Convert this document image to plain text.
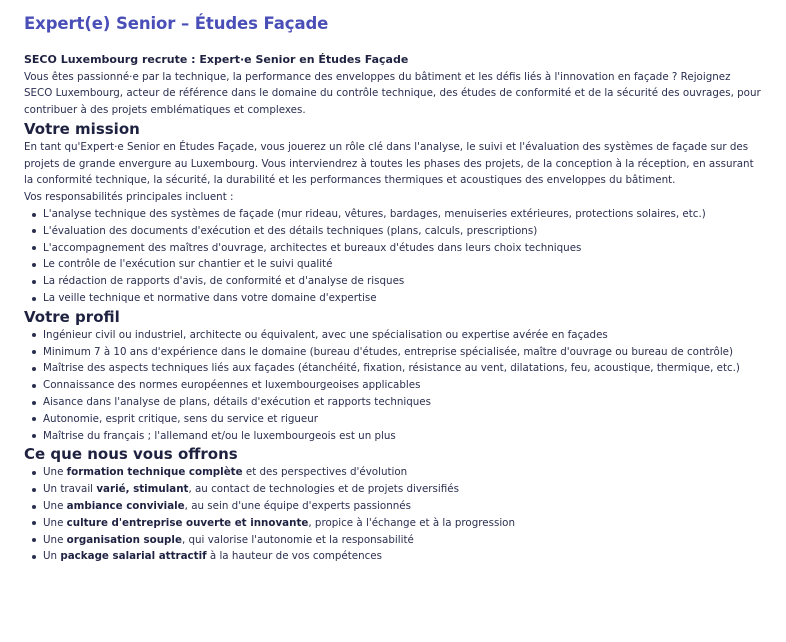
Expert(e) Senior – Études Façade
SECO Luxembourg recrute : Expert·e Senior en Études Façade

Vous êtes passionné·e par la technique, la performance des enveloppes du bâtiment et les défis liés à l'innovation en façade ? Rejoignez SECO Luxembourg, acteur de référence dans le domaine du contrôle technique, des études de conformité et de la sécurité des ouvrages, pour contribuer à des projets emblématiques et complexes.

Votre mission

En tant qu'Expert·e Senior en Études Façade, vous jouerez un rôle clé dans l'analyse, le suivi et l'évaluation des systèmes de façade sur des projets de grande envergure au Luxembourg. Vous interviendrez à toutes les phases des projets, de la conception à la réception, en assurant la conformité technique, la sécurité, la durabilité et les performances thermiques et acoustiques des enveloppes du bâtiment.

Vos responsabilités principales incluent :

L'analyse technique des systèmes de façade (mur rideau, vêtures, bardages, menuiseries extérieures, protections solaires, etc.)
L'évaluation des documents d'exécution et des détails techniques (plans, calculs, prescriptions)
L'accompagnement des maîtres d'ouvrage, architectes et bureaux d'études dans leurs choix techniques
Le contrôle de l'exécution sur chantier et le suivi qualité
La rédaction de rapports d'avis, de conformité et d'analyse de risques
La veille technique et normative dans votre domaine d'expertise
Votre profil
Ingénieur civil ou industriel, architecte ou équivalent, avec une spécialisation ou expertise avérée en façades
Minimum 7 à 10 ans d'expérience dans le domaine (bureau d'études, entreprise spécialisée, maître d'ouvrage ou bureau de contrôle)
Maîtrise des aspects techniques liés aux façades (étanchéité, fixation, résistance au vent, dilatations, feu, acoustique, thermique, etc.)
Connaissance des normes européennes et luxembourgeoises applicables
Aisance dans l'analyse de plans, détails d'exécution et rapports techniques
Autonomie, esprit critique, sens du service et rigueur
Maîtrise du français ; l'allemand et/ou le luxembourgeois est un plus
Ce que nous vous offrons
Une formation technique complète et des perspectives d'évolution
Un travail varié, stimulant, au contact de technologies et de projets diversifiés
Une ambiance conviviale, au sein d'une équipe d'experts passionnés
Une culture d'entreprise ouverte et innovante, propice à l'échange et à la progression
Une organisation souple, qui valorise l'autonomie et la responsabilité
Un package salarial attractif à la hauteur de vos compétences
